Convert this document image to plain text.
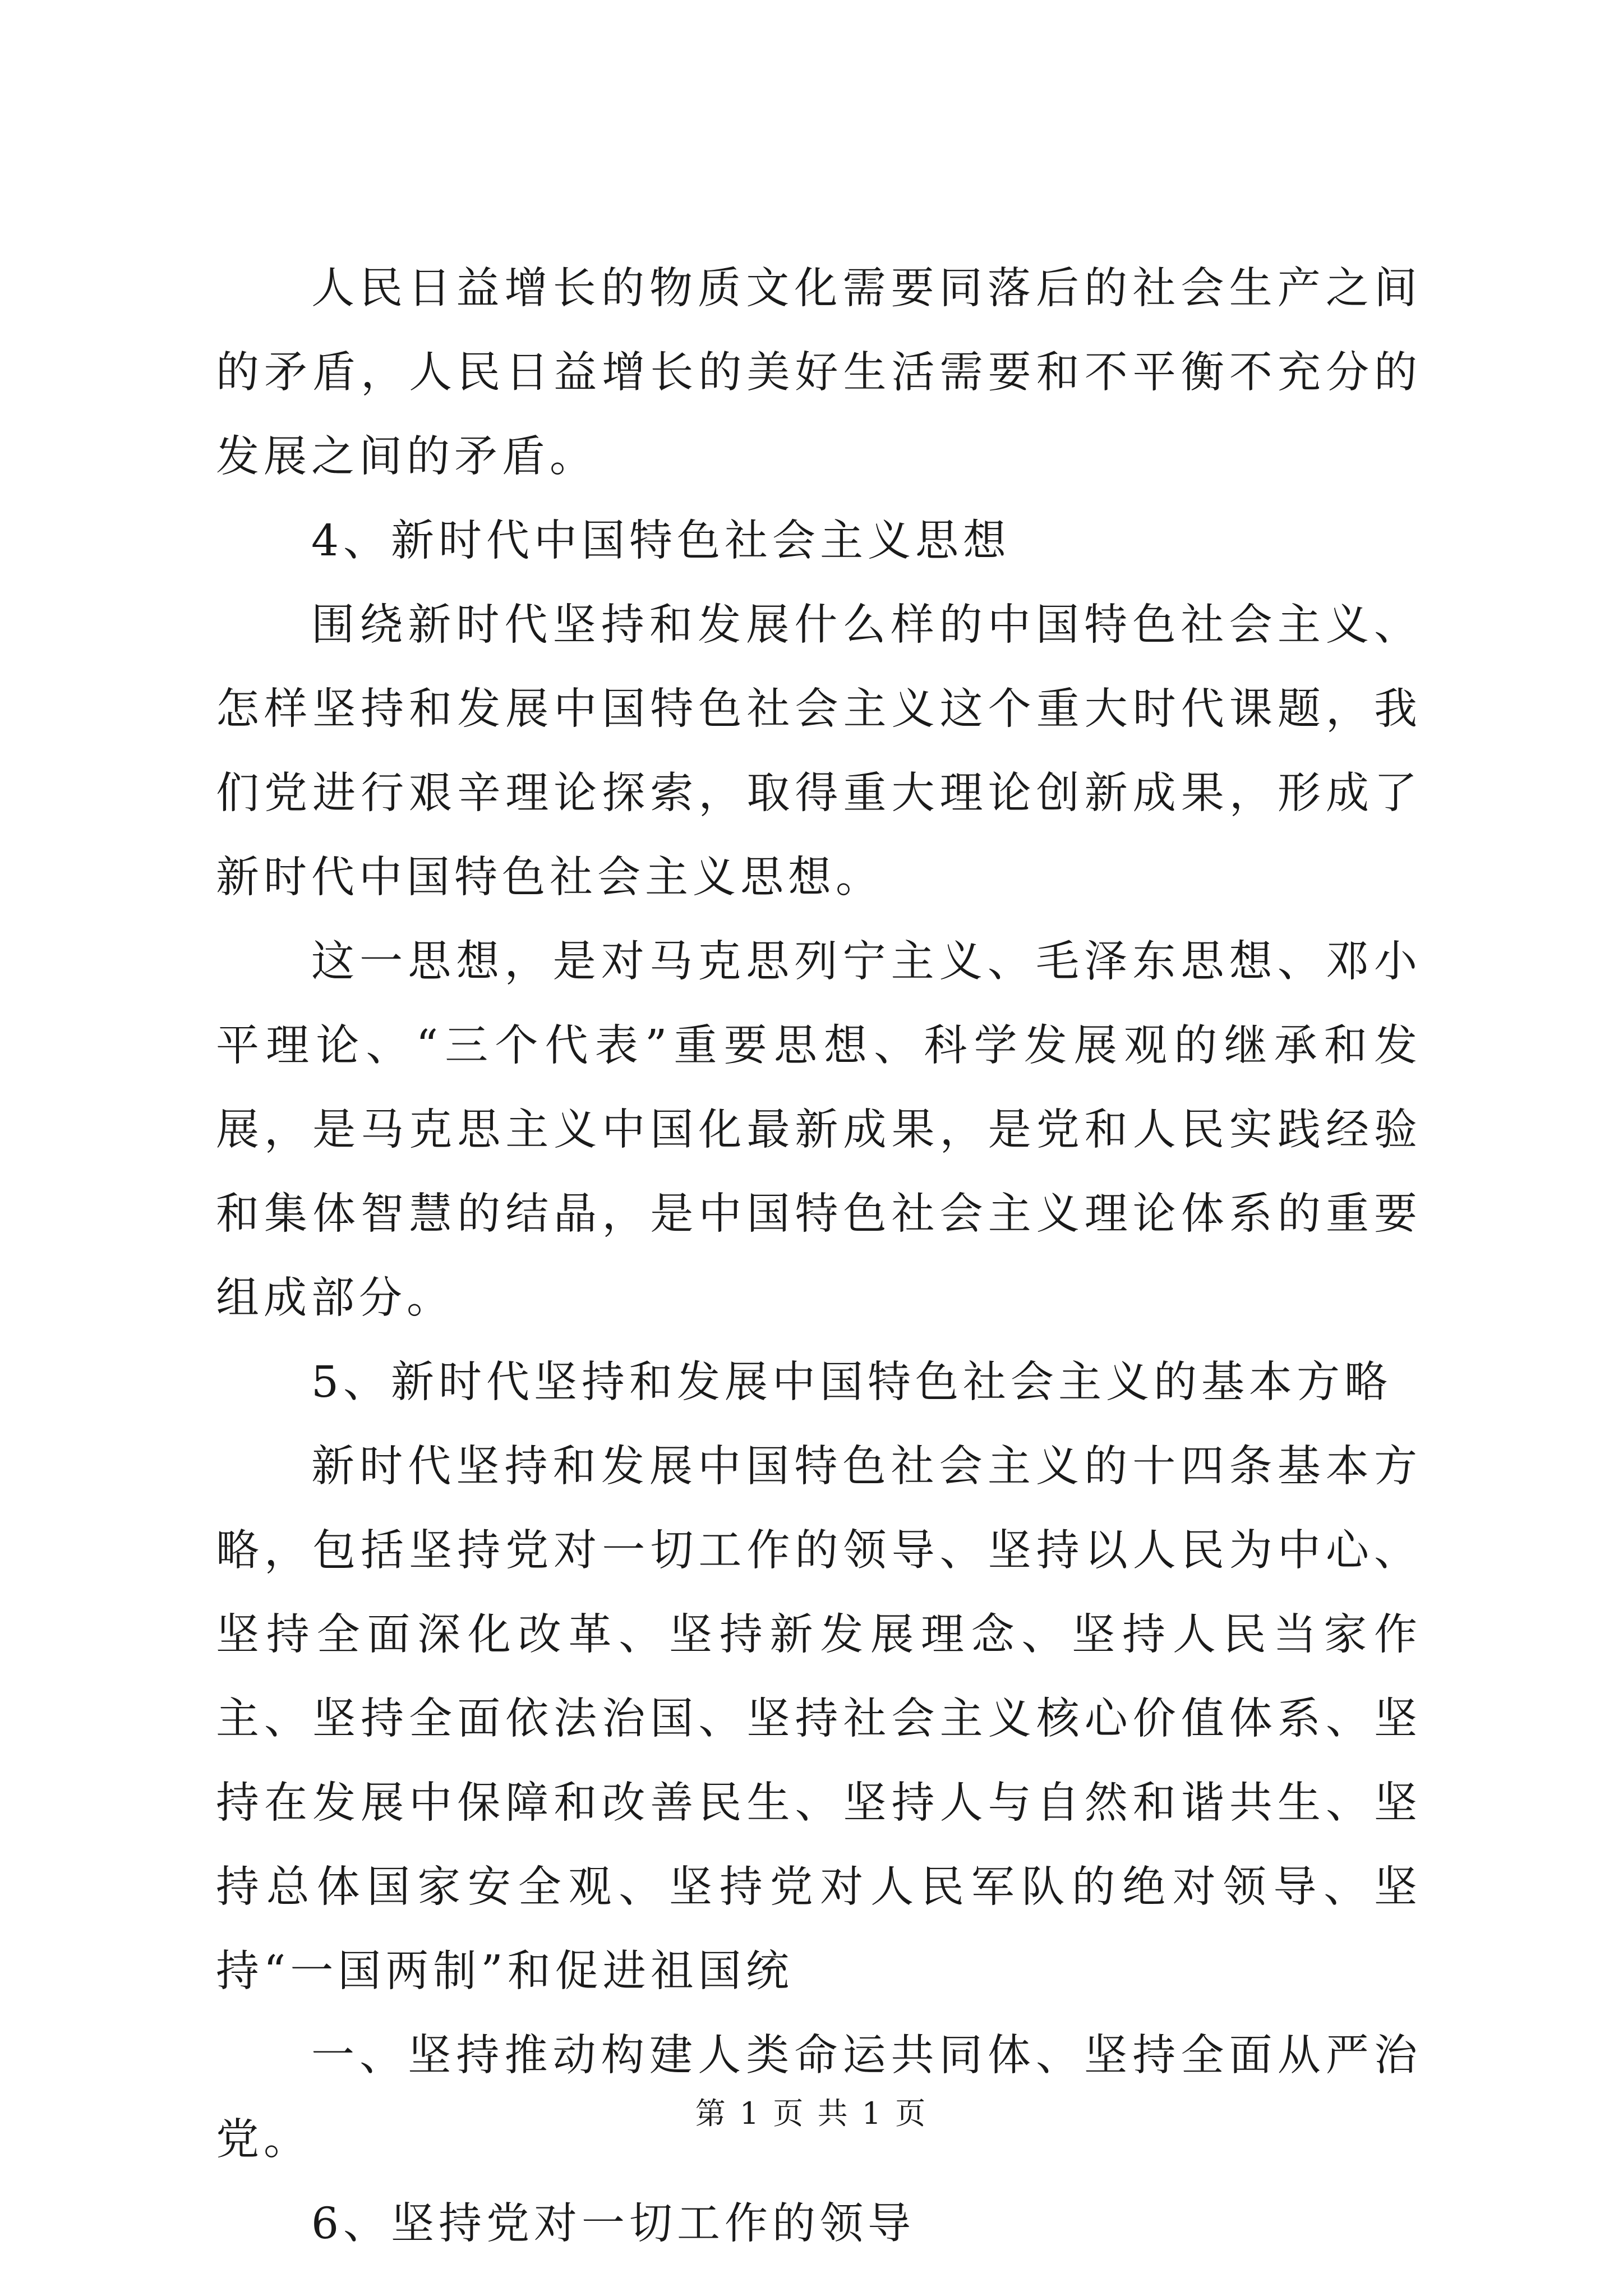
人民日益增长的物质文化需要同落后的社会生产之间的矛盾，人民日益增长的美好生活需要和不平衡不充分的发展之间的矛盾。

4、新时代中国特色社会主义思想

围绕新时代坚持和发展什么样的中国特色社会主义、怎样坚持和发展中国特色社会主义这个重大时代课题，我们党进行艰辛理论探索，取得重大理论创新成果，形成了新时代中国特色社会主义思想。

这一思想，是对马克思列宁主义、毛泽东思想、邓小平理论、“三个代表”重要思想、科学发展观的继承和发展，是马克思主义中国化最新成果，是党和人民实践经验和集体智慧的结晶，是中国特色社会主义理论体系的重要组成部分。

5、新时代坚持和发展中国特色社会主义的基本方略

新时代坚持和发展中国特色社会主义的十四条基本方略，包括坚持党对一切工作的领导、坚持以人民为中心、坚持全面深化改革、坚持新发展理念、坚持人民当家作主、坚持全面依法治国、坚持社会主义核心价值体系、坚持在发展中保障和改善民生、坚持人与自然和谐共生、坚持总体国家安全观、坚持党对人民军队的绝对领导、坚持“一国两制”和促进祖国统

一、坚持推动构建人类命运共同体、坚持全面从严治党。

6、坚持党对一切工作的领导

第 1 页 共 1 页
